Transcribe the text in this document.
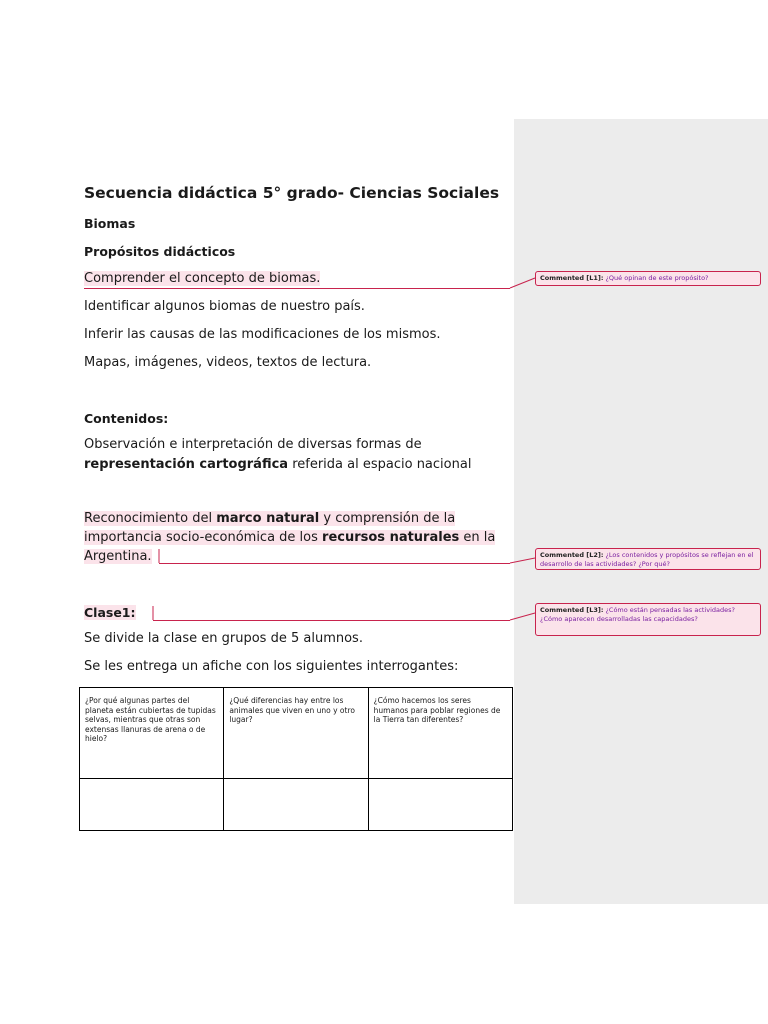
Secuencia didáctica 5° grado- Ciencias Sociales
Biomas
Propósitos didácticos
Comprender el concepto de biomas.
Identificar algunos biomas de nuestro país.
Inferir las causas de las modificaciones de los mismos.
Mapas, imágenes, videos, textos de lectura.
Contenidos:
Observación e interpretación de diversas formas de
representación cartográfica referida al espacio nacional
Reconocimiento del marco natural y comprensión de la
importancia socio-económica de los recursos naturales en la
Argentina.
Clase1:
Se divide la clase en grupos de 5 alumnos.
Se les entrega un afiche con los siguientes interrogantes:
Commented [L1]: ¿Qué opinan de este propósito?
Commented [L2]: ¿Los contenidos y propósitos se reflejan en el desarrollo de las actividades? ¿Por qué?
Commented [L3]: ¿Cómo están pensadas las actividades? ¿Cómo aparecen desarrolladas las capacidades?
¿Por qué algunas partes del planeta están cubiertas de tupidas selvas, mientras que otras son extensas llanuras de arena o de hielo?	¿Qué diferencias hay entre los animales que viven en uno y otro lugar?	¿Cómo hacemos los seres humanos para poblar regiones de la Tierra tan diferentes?
